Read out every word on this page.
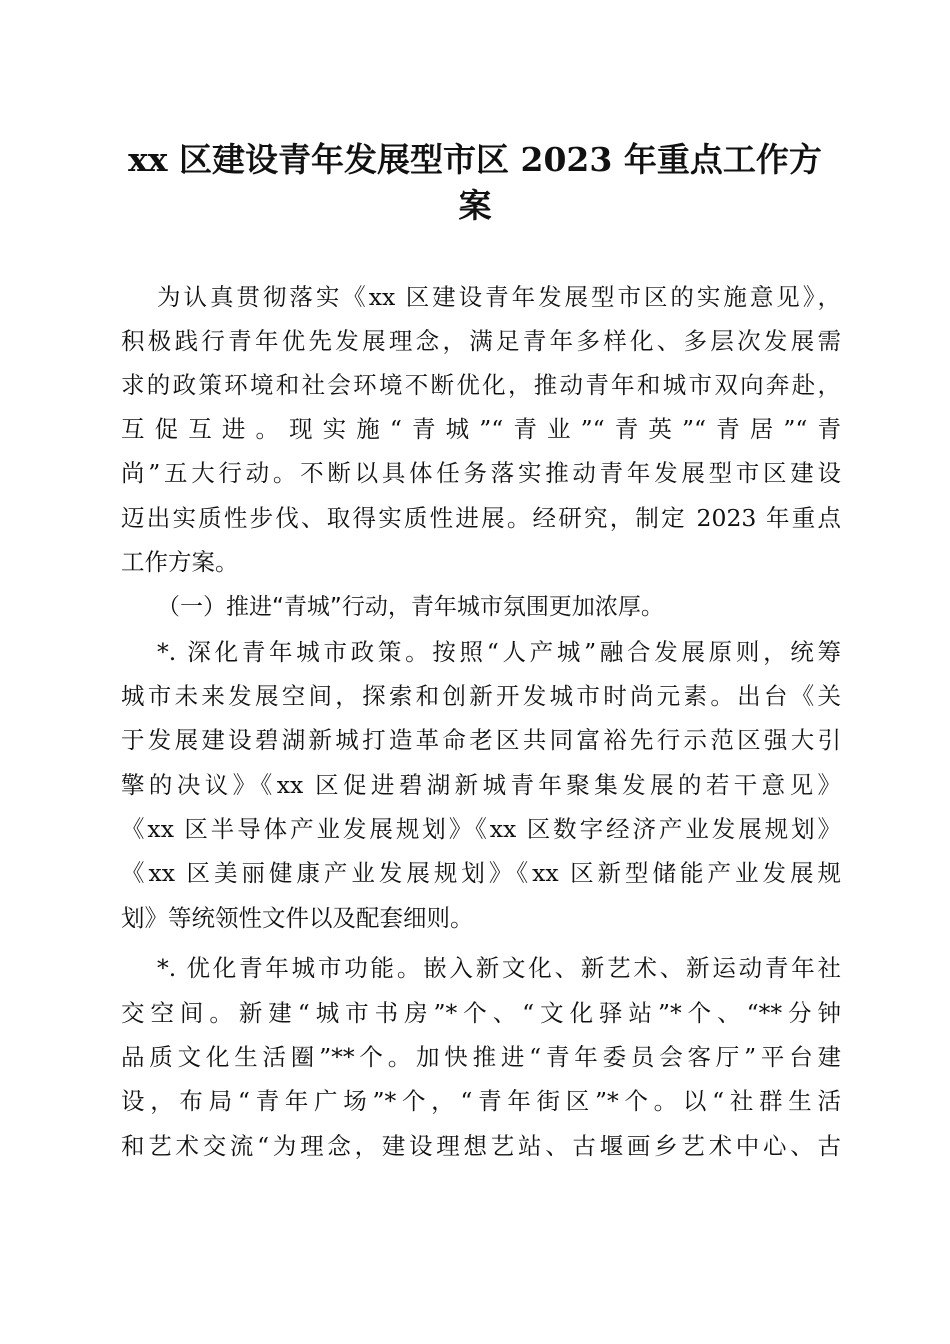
xx 区建设青年发展型市区 2023 年重点工作方
案

为认真贯彻落实《xx 区建设青年发展型市区的实施意见》，

积极践行青年优先发展理念，满足青年多样化、多层次发展需

求的政策环境和社会环境不断优化，推动青年和城市双向奔赴，

互促互进。现实施“青城”“青业”“青英”“青居”“青

尚”五大行动。不断以具体任务落实推动青年发展型市区建设

迈出实质性步伐、取得实质性进展。经研究，制定 2023 年重点

工作方案。

（一）推进“青城”行动，青年城市氛围更加浓厚。

*. 深化青年城市政策。按照“人产城”融合发展原则，统筹

城市未来发展空间，探索和创新开发城市时尚元素。出台《关

于发展建设碧湖新城打造革命老区共同富裕先行示范区强大引

擎的决议》《xx 区促进碧湖新城青年聚集发展的若干意见》

《xx 区半导体产业发展规划》《xx 区数字经济产业发展规划》

《xx 区美丽健康产业发展规划》《xx 区新型储能产业发展规

划》等统领性文件以及配套细则。

*. 优化青年城市功能。嵌入新文化、新艺术、新运动青年社

交空间。新建“城市书房”*个、“文化驿站”*个、“**分钟

品质文化生活圈”**个。加快推进“青年委员会客厅”平台建

设，布局“青年广场”*个，“青年街区”*个。以“社群生活

和艺术交流“为理念，建设理想艺站、古堰画乡艺术中心、古
